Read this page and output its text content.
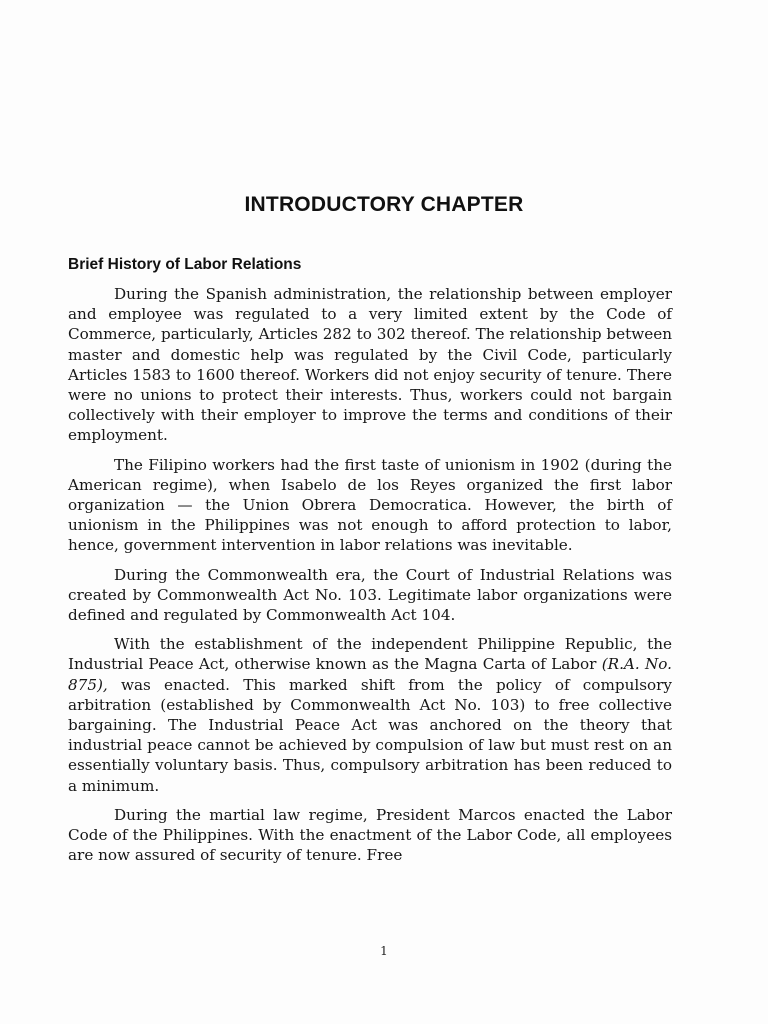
INTRODUCTORY CHAPTER
Brief History of Labor Relations

During the Spanish administration, the relationship between employer and employee was regulated to a very limited extent by the Code of Commerce, particularly, Articles 282 to 302 thereof. The relationship between master and domestic help was regulated by the Civil Code, particularly Articles 1583 to 1600 thereof. Workers did not enjoy security of tenure. There were no unions to protect their interests. Thus, workers could not bargain collectively with their employer to improve the terms and conditions of their employment.

The Filipino workers had the first taste of unionism in 1902 (during the American regime), when Isabelo de los Reyes organized the first labor organization — the Union Obrera Democratica. However, the birth of unionism in the Philippines was not enough to afford protection to labor, hence, government intervention in labor relations was inevitable.

During the Commonwealth era, the Court of Industrial Relations was created by Commonwealth Act No. 103. Legitimate labor organizations were defined and regulated by Commonwealth Act 104.

With the establishment of the independent Philippine Republic, the Industrial Peace Act, otherwise known as the Magna Carta of Labor (R.A. No. 875), was enacted. This marked shift from the policy of compulsory arbitration (established by Commonwealth Act No. 103) to free collective bargaining. The Industrial Peace Act was anchored on the theory that industrial peace cannot be achieved by compulsion of law but must rest on an essentially voluntary basis. Thus, compulsory arbitration has been reduced to a minimum.

During the martial law regime, President Marcos enacted the Labor Code of the Philippines. With the enactment of the Labor Code, all employees are now assured of security of tenure. Free

1
